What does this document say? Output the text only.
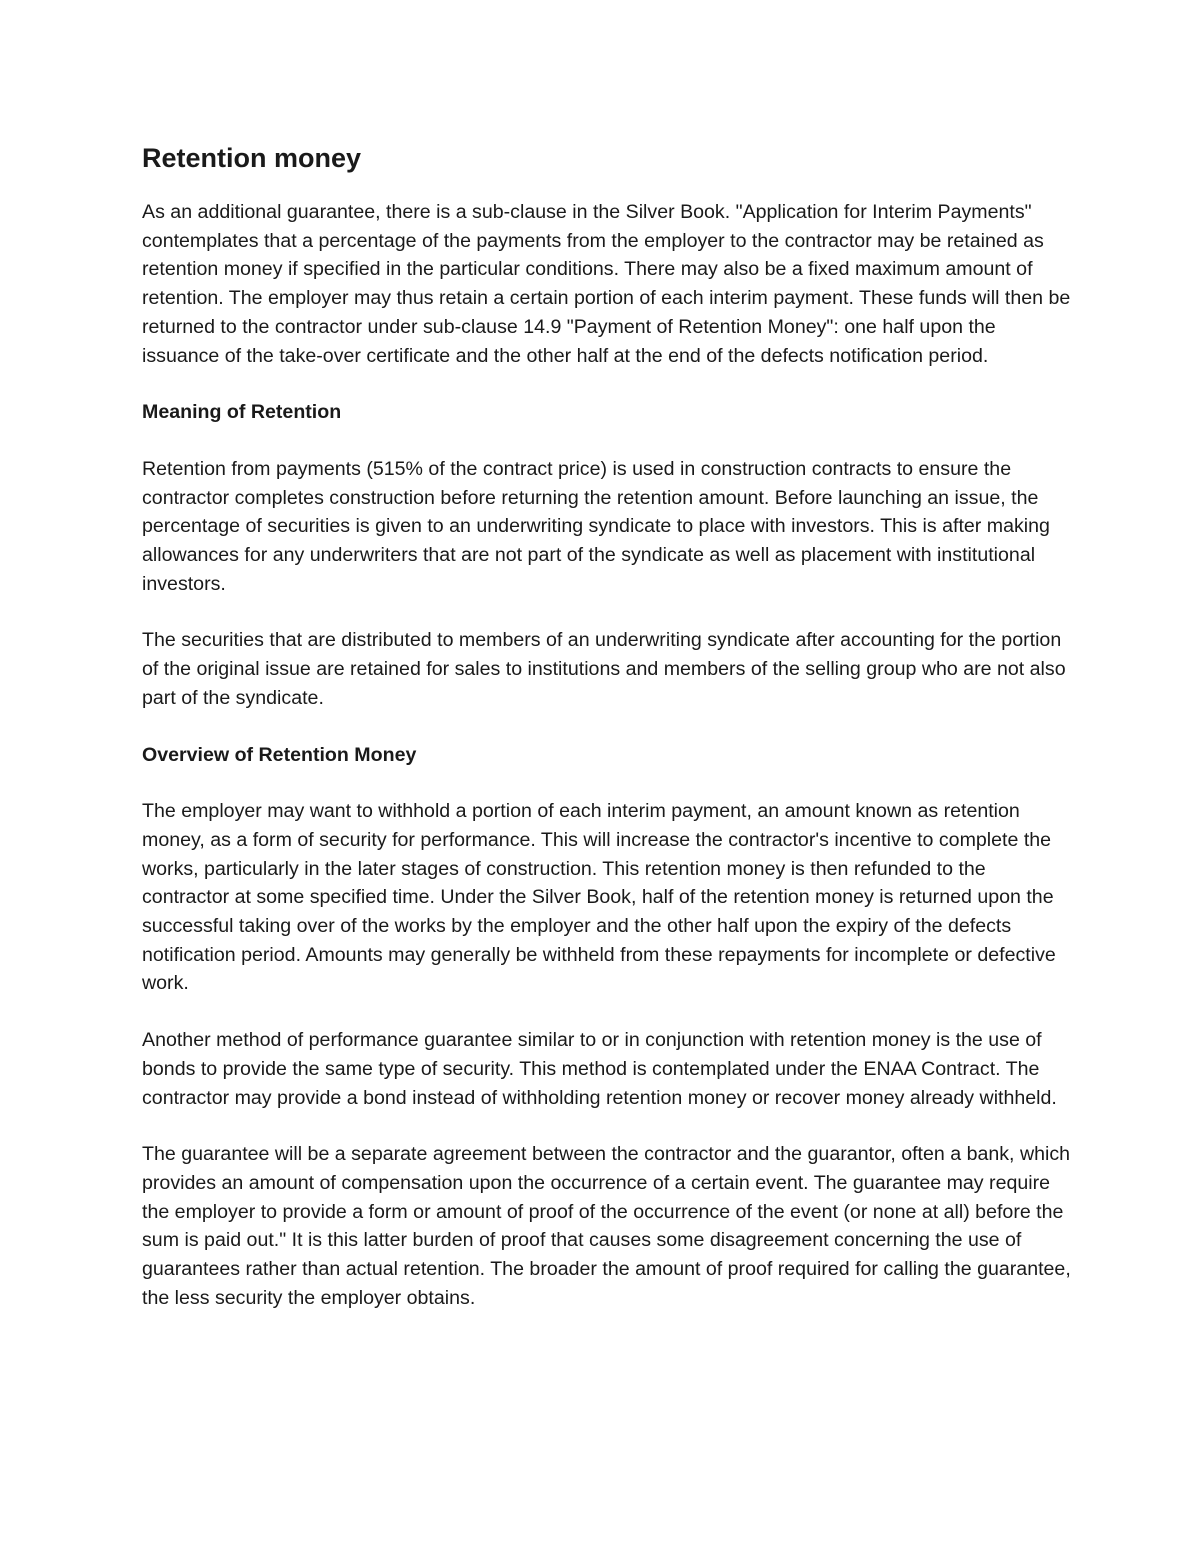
Retention money

As an additional guarantee, there is a sub-clause in the Silver Book. "Application for Interim Payments" contemplates that a percentage of the payments from the employer to the contractor may be retained as retention money if specified in the particular conditions. There may also be a fixed maximum amount of retention. The employer may thus retain a certain portion of each interim payment. These funds will then be returned to the contractor under sub-clause 14.9 "Payment of Retention Money": one half upon the issuance of the take-over certificate and the other half at the end of the defects notification period.

Meaning of Retention

Retention from payments (515% of the contract price) is used in construction contracts to ensure the contractor completes construction before returning the retention amount. Before launching an issue, the percentage of securities is given to an underwriting syndicate to place with investors. This is after making allowances for any underwriters that are not part of the syndicate as well as placement with institutional investors.

The securities that are distributed to members of an underwriting syndicate after accounting for the portion of the original issue are retained for sales to institutions and members of the selling group who are not also part of the syndicate.

Overview of Retention Money

The employer may want to withhold a portion of each interim payment, an amount known as retention money, as a form of security for performance. This will increase the contractor's incentive to complete the works, particularly in the later stages of construction. This retention money is then refunded to the contractor at some specified time. Under the Silver Book, half of the retention money is returned upon the successful taking over of the works by the employer and the other half upon the expiry of the defects notification period. Amounts may generally be withheld from these repayments for incomplete or defective work.

Another method of performance guarantee similar to or in conjunction with retention money is the use of bonds to provide the same type of security. This method is contemplated under the ENAA Contract. The contractor may provide a bond instead of withholding retention money or recover money already withheld.

The guarantee will be a separate agreement between the contractor and the guarantor, often a bank, which provides an amount of compensation upon the occurrence of a certain event. The guarantee may require the employer to provide a form or amount of proof of the occurrence of the event (or none at all) before the sum is paid out." It is this latter burden of proof that causes some disagreement concerning the use of guarantees rather than actual retention. The broader the amount of proof required for calling the guarantee, the less security the employer obtains.
